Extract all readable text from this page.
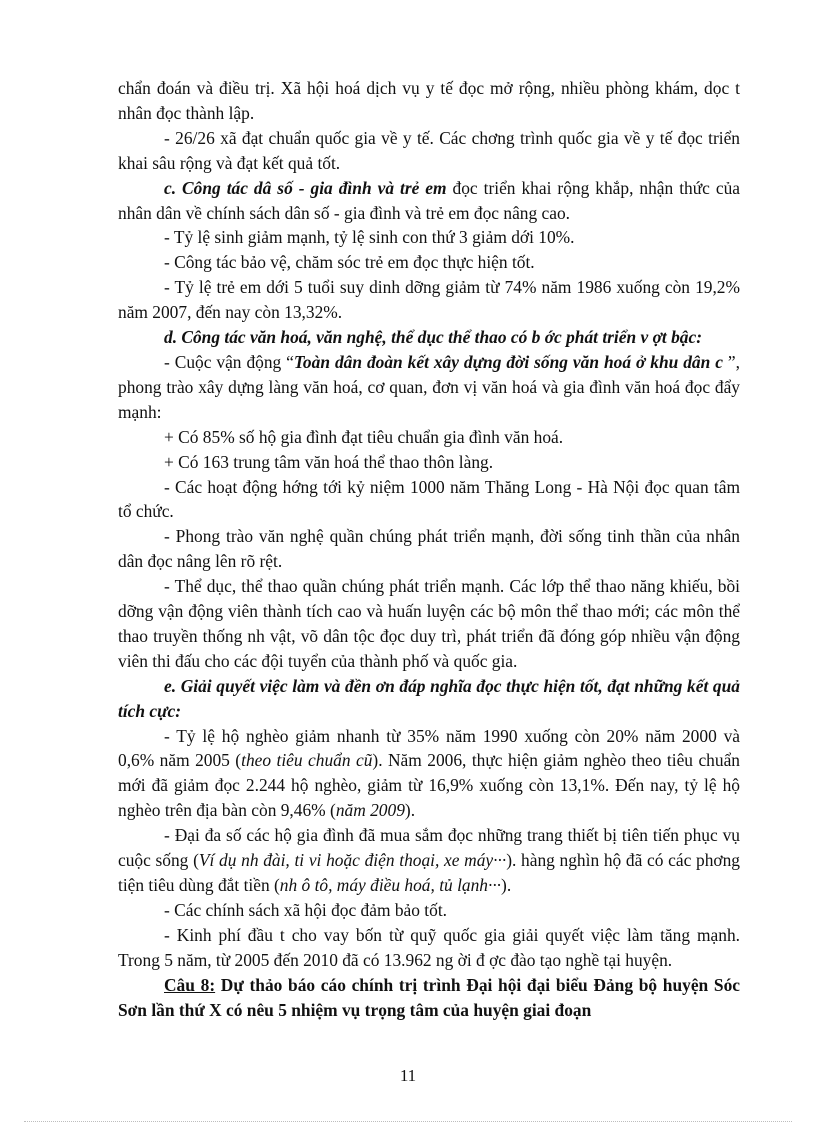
chẩn đoán và điều trị. Xã hội hoá dịch vụ y tế đọc mở rộng, nhiều phòng khám, dọc t nhân đọc thành lập.

- 26/26 xã đạt chuẩn quốc gia về y tế. Các chơng trình quốc gia về y tế đọc triển khai sâu rộng và đạt kết quả tốt.

c. Công tác dâ số - gia đình và trẻ em đọc triển khai rộng khắp, nhận thức của nhân dân về chính sách dân số - gia đình và trẻ em đọc nâng cao.

- Tỷ lệ sinh giảm mạnh, tỷ lệ sinh con thứ 3 giảm dới 10%.

- Công tác bảo vệ, chăm sóc trẻ em đọc thực hiện tốt.

- Tỷ lệ trẻ em dới 5 tuổi suy dinh dỡng giảm từ 74% năm 1986 xuống còn 19,2% năm 2007, đến nay còn 13,32%.

d. Công tác văn hoá, văn nghệ, thể dục thể thao có b ớc phát triển v ợt bậc:

- Cuộc vận động “Toàn dân đoàn kết xây dựng đời sống văn hoá ở khu dân c ”, phong trào xây dựng làng văn hoá, cơ quan, đơn vị văn hoá và gia đình văn hoá đọc đẩy mạnh:

+ Có 85% số hộ gia đình đạt tiêu chuẩn gia đình văn hoá.

+ Có 163 trung tâm văn hoá thể thao thôn làng.

- Các hoạt động hớng tới kỷ niệm 1000 năm Thăng Long - Hà Nội đọc quan tâm tổ chức.

- Phong trào văn nghệ quần chúng phát triển mạnh, đời sống tinh thần của nhân dân đọc nâng lên rõ rệt.

- Thể dục, thể thao quần chúng phát triển mạnh. Các lớp thể thao năng khiếu, bồi dỡng vận động viên thành tích cao và huấn luyện các bộ môn thể thao mới; các môn thể thao truyền thống nh vật, võ dân tộc đọc duy trì, phát triển đã đóng góp nhiều vận động viên thi đấu cho các đội tuyển của thành phố và quốc gia.

e. Giải quyết việc làm và đền ơn đáp nghĩa đọc thực hiện tốt, đạt những kết quả tích cực:

- Tỷ lệ hộ nghèo giảm nhanh từ 35% năm 1990 xuống còn 20% năm 2000 và 0,6% năm 2005 (theo tiêu chuẩn cũ). Năm 2006, thực hiện giảm nghèo theo tiêu chuẩn mới đã giảm đọc 2.244 hộ nghèo, giảm từ 16,9% xuống còn 13,1%. Đến nay, tỷ lệ hộ nghèo trên địa bàn còn 9,46% (năm 2009).

- Đại đa số các hộ gia đình đã mua sắm đọc những trang thiết bị tiên tiến phục vụ cuộc sống (Ví dụ nh đài, ti vi hoặc điện thoại, xe máy···). hàng nghìn hộ đã có các phơng tiện tiêu dùng đắt tiền (nh ô tô, máy điều hoá, tủ lạnh···).

- Các chính sách xã hội đọc đảm bảo tốt.

- Kinh phí đầu t cho vay bốn từ quỹ quốc gia giải quyết việc làm tăng mạnh. Trong 5 năm, từ 2005 đến 2010 đã có 13.962 ng ời đ ợc đào tạo nghề tại huyện.

Câu 8: Dự thảo báo cáo chính trị trình Đại hội đại biểu Đảng bộ huyện Sóc Sơn lần thứ X có nêu 5 nhiệm vụ trọng tâm của huyện giai đoạn

11
